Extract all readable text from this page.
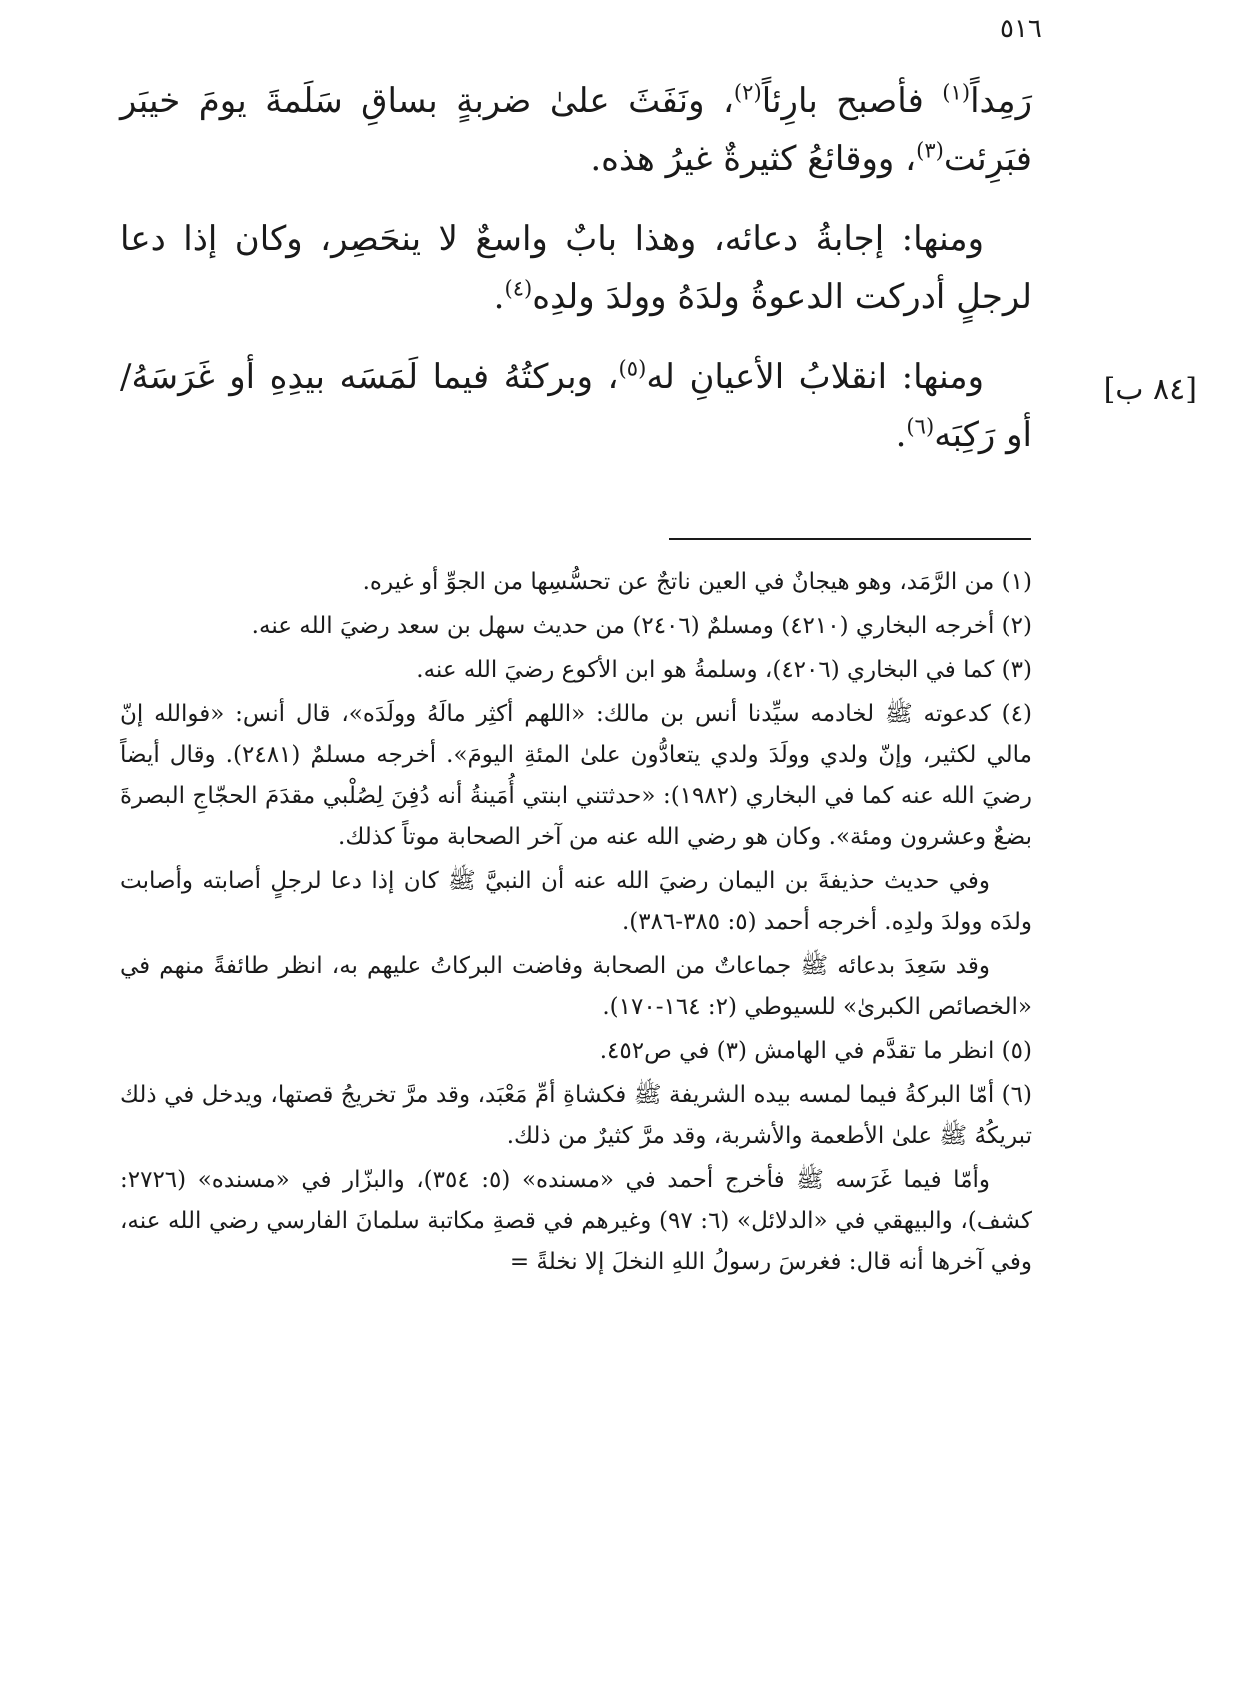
٥١٦
[٨٤ ب]

رَمِداً$^{(١)}$ فأصبح بارِئاً$^{(٢)}$، ونَفَثَ علىٰ ضربةٍ بساقِ سَلَمةَ يومَ خيبَر فبَرِئت$^{(٣)}$، ووقائعُ كثيرةٌ غيرُ هذه.

ومنها: إجابةُ دعائه، وهذا بابٌ واسعٌ لا ينحَصِر، وكان إذا دعا لرجلٍ أدركت الدعوةُ ولدَهُ وولدَ ولدِه$^{(٤)}$.

ومنها: انقلابُ الأعيانِ له$^{(٥)}$، وبركتُهُ فيما لَمَسَه بيدِهِ أو غَرَسَهُ/ أو رَكِبَه$^{(٦)}$.

(١) من الرَّمَد، وهو هيجانٌ في العين ناتجٌ عن تحسُّسِها من الجوِّ أو غيره.

(٢) أخرجه البخاري (٤٢١٠) ومسلمٌ (٢٤٠٦) من حديث سهل بن سعد رضيَ الله عنه.

(٣) كما في البخاري (٤٢٠٦)، وسلمةُ هو ابن الأكوع رضيَ الله عنه.

(٤) كدعوته ﷺ لخادمه سيِّدنا أنس بن مالك: «اللهم أكثِر مالَهُ وولَدَه»، قال أنس: «فوالله إنّ مالي لكثير، وإنّ ولدي وولَدَ ولدي يتعادُّون علىٰ المئةِ اليومَ». أخرجه مسلمٌ (٢٤٨١). وقال أيضاً رضيَ الله عنه كما في البخاري (١٩٨٢): «حدثتني ابنتي أُمَينةُ أنه دُفِنَ لِصُلْبي مقدَمَ الحجّاجِ البصرةَ بضعٌ وعشرون ومئة». وكان هو رضي الله عنه من آخر الصحابة موتاً كذلك.

وفي حديث حذيفةَ بن اليمان رضيَ الله عنه أن النبيَّ ﷺ كان إذا دعا لرجلٍ أصابته وأصابت ولدَه وولدَ ولدِه. أخرجه أحمد (٥: ٣٨٥-٣٨٦).

وقد سَعِدَ بدعائه ﷺ جماعاتٌ من الصحابة وفاضت البركاتُ عليهم به، انظر طائفةً منهم في «الخصائص الكبرىٰ» للسيوطي (٢: ١٦٤-١٧٠).

(٥) انظر ما تقدَّم في الهامش (٣) في ص٤٥٢.

(٦) أمّا البركةُ فيما لمسه بيده الشريفة ﷺ فكشاةِ أمِّ مَعْبَد، وقد مرَّ تخريجُ قصتها، ويدخل في ذلك تبريكُهُ ﷺ علىٰ الأطعمة والأشربة، وقد مرَّ كثيرٌ من ذلك.

وأمّا فيما غَرَسه ﷺ فأخرج أحمد في «مسنده» (٥: ٣٥٤)، والبزّار في «مسنده» (٢٧٢٦: كشف)، والبيهقي في «الدلائل» (٦: ٩٧) وغيرهم في قصةِ مكاتبة سلمانَ الفارسي رضي الله عنه، وفي آخرها أنه قال: فغرسَ رسولُ اللهِ النخلَ إلا نخلةً =
